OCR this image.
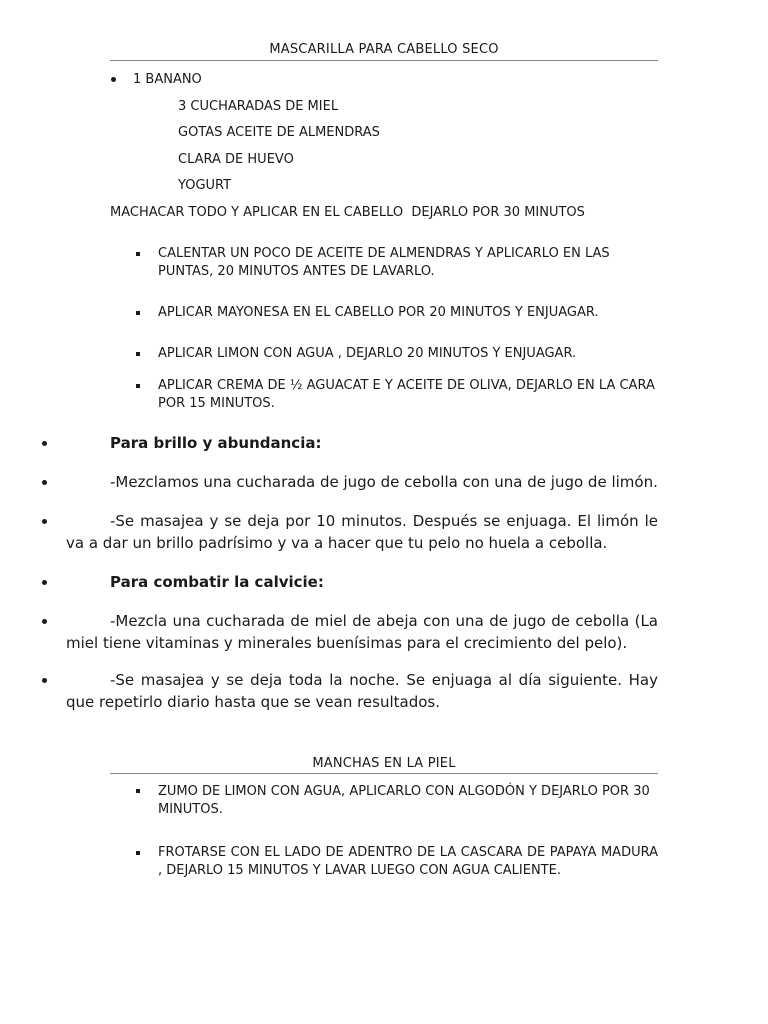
MASCARILLA PARA CABELLO SECO
1 BANANO
3 CUCHARADAS DE MIEL
GOTAS ACEITE DE ALMENDRAS
CLARA DE HUEVO
YOGURT
MACHACAR TODO Y APLICAR EN EL CABELLO  DEJARLO POR 30 MINUTOS
CALENTAR UN POCO DE ACEITE DE ALMENDRAS Y APLICARLO EN LAS PUNTAS, 20 MINUTOS ANTES DE LAVARLO.
APLICAR MAYONESA EN EL CABELLO POR 20 MINUTOS Y ENJUAGAR.
APLICAR LIMON CON AGUA , DEJARLO 20 MINUTOS Y ENJUAGAR.
APLICAR CREMA DE ½ AGUACAT E Y ACEITE DE OLIVA, DEJARLO EN LA CARA POR 15 MINUTOS.
Para brillo y abundancia:
-Mezclamos una cucharada de jugo de cebolla con una de jugo de limón.
-Se masajea y se deja por 10 minutos. Después se enjuaga. El limón le va a dar un brillo padrísimo y va a hacer que tu pelo no huela a cebolla.
Para combatir la calvicie:
-Mezcla una cucharada de miel de abeja con una de jugo de cebolla (La miel tiene vitaminas y minerales buenísimas para el crecimiento del pelo).
-Se masajea y se deja toda la noche. Se enjuaga al día siguiente. Hay que repetirlo diario hasta que se vean resultados.
MANCHAS EN LA PIEL
ZUMO DE LIMON CON AGUA, APLICARLO CON ALGODÓN Y DEJARLO POR 30 MINUTOS.
FROTARSE CON EL LADO DE ADENTRO DE LA CASCARA DE PAPAYA MADURA , DEJARLO 15 MINUTOS Y LAVAR LUEGO CON AGUA CALIENTE.
